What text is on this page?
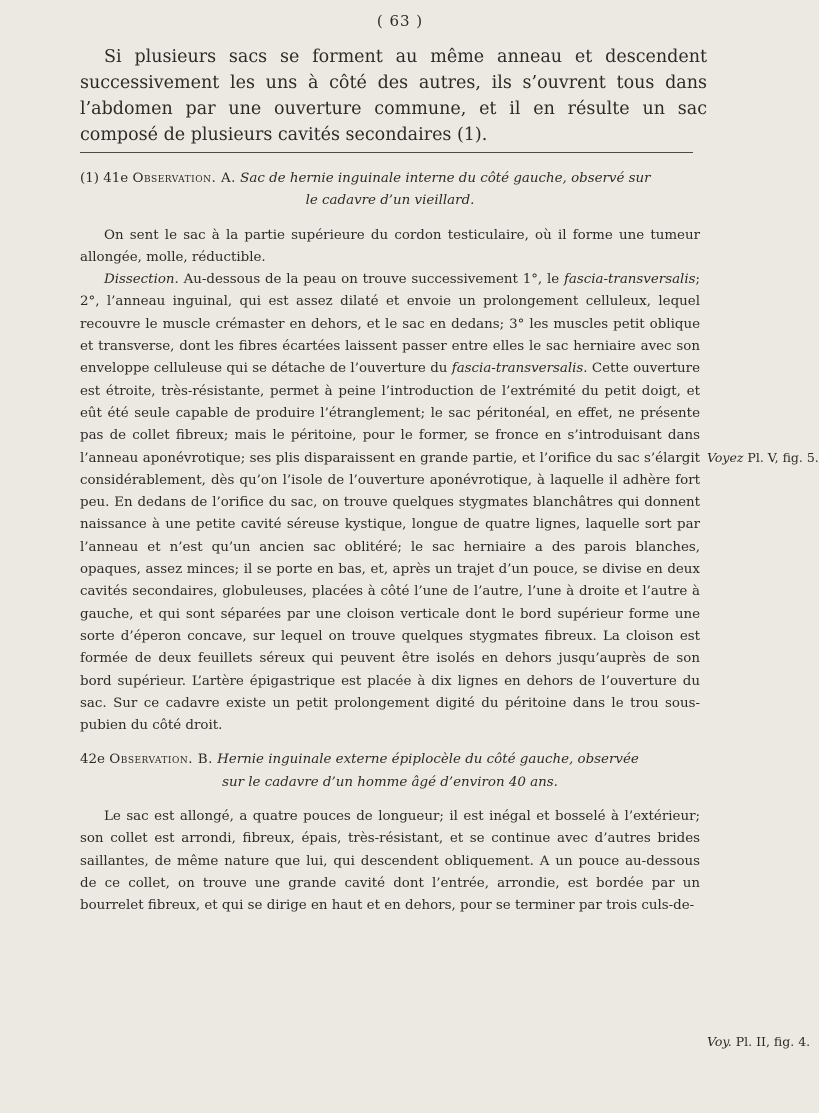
( 63 )

Si plusieurs sacs se forment au même anneau et descendent successivement les uns à côté des autres, ils s’ouvrent tous dans l’abdomen par une ouverture commune, et il en résulte un sac composé de plusieurs cavités secondaires (1).

(1) 41e Observation. A. Sac de hernie inguinale interne du côté gauche, observé sur

le cadavre d’un vieillard.

On sent le sac à la partie supérieure du cordon testiculaire, où il forme une tumeur allongée, molle, réductible.

Dissection. Au-dessous de la peau on trouve successivement 1°, le fascia-transversalis; 2°, l’anneau inguinal, qui est assez dilaté et envoie un prolongement celluleux, lequel recouvre le muscle crémaster en dehors, et le sac en dedans; 3° les muscles petit oblique et transverse, dont les fibres écartées laissent passer entre elles le sac herniaire avec son enveloppe celluleuse qui se détache de l’ouverture du fascia-transversalis. Cette ouverture est étroite, très-résistante, permet à peine l’introduction de l’extrémité du petit doigt, et eût été seule capable de produire l’étranglement; le sac péritonéal, en effet, ne présente pas de collet fibreux; mais le péritoine, pour le former, se fronce en s’introduisant dans l’anneau aponévrotique; ses plis disparaissent en grande partie, et l’orifice du sac s’élargit considérablement, dès qu’on l’isole de l’ouverture aponévrotique, à laquelle il adhère fort peu. En dedans de l’orifice du sac, on trouve quelques stygmates blanchâtres qui donnent naissance à une petite cavité séreuse kystique, longue de quatre lignes, laquelle sort par l’anneau et n’est qu’un ancien sac oblitéré; le sac herniaire a des parois blanches, opaques, assez minces; il se porte en bas, et, après un trajet d’un pouce, se divise en deux cavités secondaires, globuleuses, placées à côté l’une de l’autre, l’une à droite et l’autre à gauche, et qui sont séparées par une cloison verticale dont le bord supérieur forme une sorte d’éperon concave, sur lequel on trouve quelques stygmates fibreux. La cloison est formée de deux feuillets séreux qui peuvent être isolés en dehors jusqu’auprès de son bord supérieur. L’artère épigastrique est placée à dix lignes en dehors de l’ouverture du sac. Sur ce cadavre existe un petit prolongement digité du péritoine dans le trou sous-pubien du côté droit.

42e Observation. B. Hernie inguinale externe épiplocèle du côté gauche, observée

sur le cadavre d’un homme âgé d’environ 40 ans.

Le sac est allongé, a quatre pouces de longueur; il est inégal et bosselé à l’extérieur; son collet est arrondi, fibreux, épais, très-résistant, et se continue avec d’autres brides saillantes, de même nature que lui, qui descendent obliquement. A un pouce au-dessous de ce collet, on trouve une grande cavité dont l’entrée, arrondie, est bordée par un bourrelet fibreux, et qui se dirige en haut et en dehors, pour se terminer par trois culs-de-

Voyez Pl. V, fig. 5.
Voy. Pl. II, fig. 4.
